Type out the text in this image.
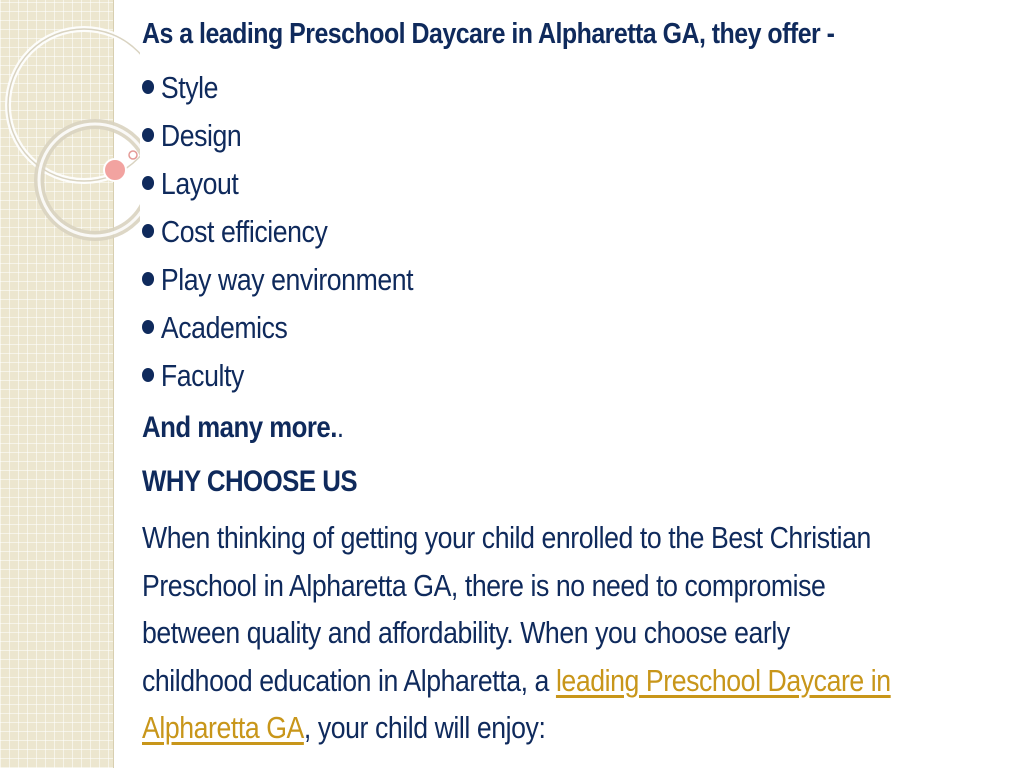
As a leading Preschool Daycare in Alpharetta GA, they offer -
Style
Design
Layout
Cost efficiency
Play way environment
Academics
Faculty
And many more..
WHY CHOOSE US
When thinking of getting your child enrolled to the Best Christian
Preschool in Alpharetta GA, there is no need to compromise
between quality and affordability. When you choose early
childhood education in Alpharetta, a leading Preschool Daycare in
Alpharetta GA, your child will enjoy:
